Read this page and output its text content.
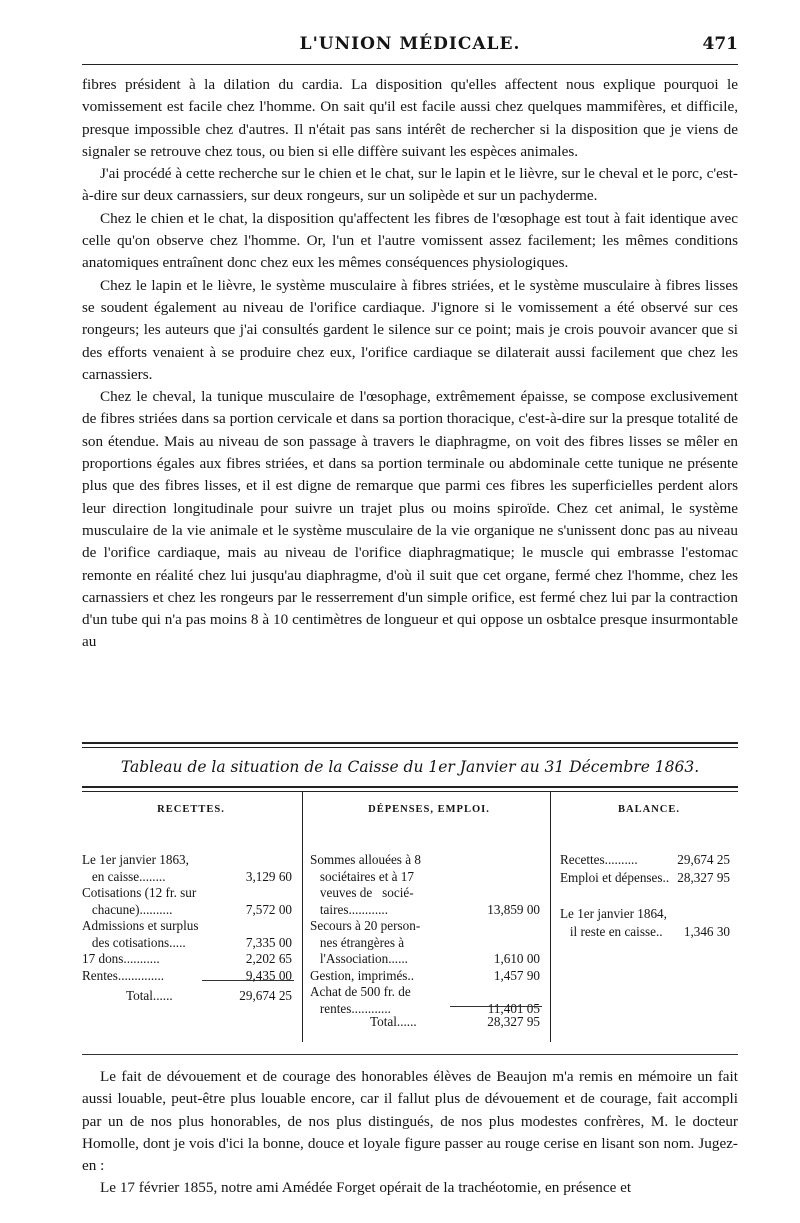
L'UNION MÉDICALE.	471

fibres président à la dilation du cardia. La disposition qu'elles affectent nous explique pourquoi le vomissement est facile chez l'homme. On sait qu'il est facile aussi chez quelques mammifères, et difficile, presque impossible chez d'autres. Il n'était pas sans intérêt de rechercher si la disposition que je viens de signaler se retrouve chez tous, ou bien si elle diffère suivant les espèces animales.

J'ai procédé à cette recherche sur le chien et le chat, sur le lapin et le lièvre, sur le cheval et le porc, c'est-à-dire sur deux carnassiers, sur deux rongeurs, sur un solipède et sur un pachyderme.

Chez le chien et le chat, la disposition qu'affectent les fibres de l'œsophage est tout à fait identique avec celle qu'on observe chez l'homme. Or, l'un et l'autre vomissent assez facilement; les mêmes conditions anatomiques entraînent donc chez eux les mêmes conséquences physiologiques.

Chez le lapin et le lièvre, le système musculaire à fibres striées, et le système musculaire à fibres lisses se soudent également au niveau de l'orifice cardiaque. J'ignore si le vomissement a été observé sur ces rongeurs; les auteurs que j'ai consultés gardent le silence sur ce point; mais je crois pouvoir avancer que si des efforts venaient à se produire chez eux, l'orifice cardiaque se dilaterait aussi facilement que chez les carnassiers.

Chez le cheval, la tunique musculaire de l'œsophage, extrêmement épaisse, se compose exclusivement de fibres striées dans sa portion cervicale et dans sa portion thoracique, c'est-à-dire sur la presque totalité de son étendue. Mais au niveau de son passage à travers le diaphragme, on voit des fibres lisses se mêler en proportions égales aux fibres striées, et dans sa portion terminale ou abdominale cette tunique ne présente plus que des fibres lisses, et il est digne de remarque que parmi ces fibres les superficielles perdent alors leur direction longitudinale pour suivre un trajet plus ou moins spiroïde. Chez cet animal, le système musculaire de la vie animale et le système musculaire de la vie organique ne s'unissent donc pas au niveau de l'orifice cardiaque, mais au niveau de l'orifice diaphragmatique; le muscle qui embrasse l'estomac remonte en réalité chez lui jusqu'au diaphragme, d'où il suit que cet organe, fermé chez l'homme, chez les carnassiers et chez les rongeurs par le resserrement d'un simple orifice, est fermé chez lui par la contraction d'un tube qui n'a pas moins 8 à 10 centimètres de longueur et qui oppose un osbtalce presque insurmontable au

Tableau de la situation de la Caisse du 1er Janvier au 31 Décembre 1863.
RECETTES.
Le 1er janvier 1863,
en caisse........	3,129 60
Cotisations (12 fr. sur
chacune)..........	7,572 00
Admissions et surplus
des cotisations.....	7,335 00
17 dons...........	2,202 65
Rentes..............	9,435 00
Total......	29,674 25
DÉPENSES, EMPLOI.
Sommes allouées à 8
sociétaires et à 17
veuves de   socié-
taires............	13,859 00
Secours à 20 person-
nes étrangères à
l'Association......	1,610 00
Gestion, imprimés..	1,457 90
Achat de 500 fr. de
rentes............	11,401 05
Total......	28,327 95
BALANCE.
Recettes..........	29,674 25
Emploi et dépenses.. 28,327 95
Le 1er janvier 1864,
il reste en caisse.. 1,346 30

Le fait de dévouement et de courage des honorables élèves de Beaujon m'a remis en mémoire un fait aussi louable, peut-être plus louable encore, car il fallut plus de dévouement et de courage, fait accompli par un de nos plus honorables, de nos plus distingués, de nos plus modestes confrères, M. le docteur Homolle, dont je vois d'ici la bonne, douce et loyale figure passer au rouge cerise en lisant son nom. Jugez-en :

Le 17 février 1855, notre ami Amédée Forget opérait de la trachéotomie, en présence et
